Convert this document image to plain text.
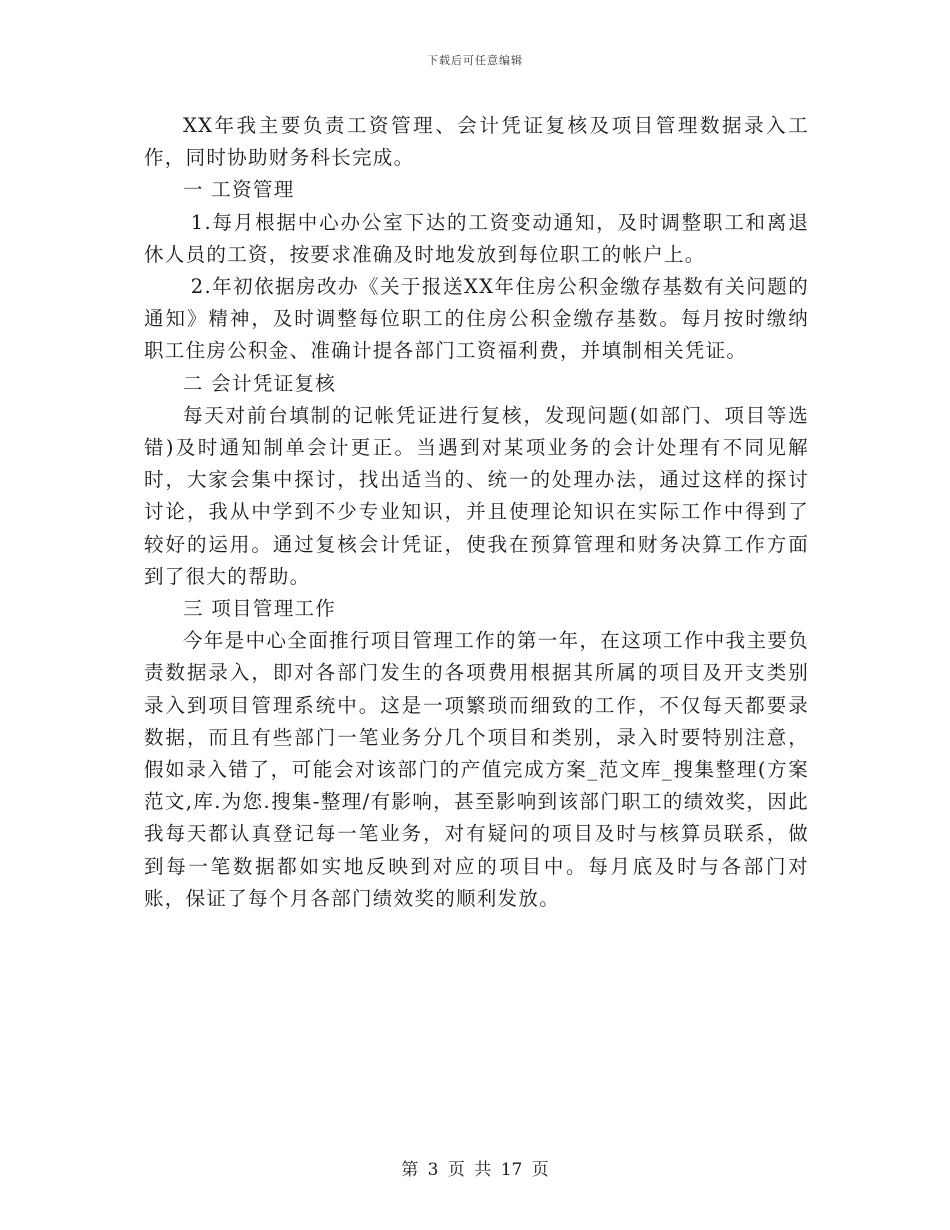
下载后可任意编辑

XX年我主要负责工资管理、会计凭证复核及项目管理数据录入工作，同时协助财务科长完成。

一 工资管理

1.每月根据中心办公室下达的工资变动通知，及时调整职工和离退休人员的工资，按要求准确及时地发放到每位职工的帐户上。

2.年初依据房改办《关于报送XX年住房公积金缴存基数有关问题的通知》精神，及时调整每位职工的住房公积金缴存基数。每月按时缴纳职工住房公积金、准确计提各部门工资福利费，并填制相关凭证。

二 会计凭证复核

每天对前台填制的记帐凭证进行复核，发现问题(如部门、项目等选错)及时通知制单会计更正。当遇到对某项业务的会计处理有不同见解时，大家会集中探讨，找出适当的、统一的处理办法，通过这样的探讨讨论，我从中学到不少专业知识，并且使理论知识在实际工作中得到了较好的运用。通过复核会计凭证，使我在预算管理和财务决算工作方面到了很大的帮助。

三 项目管理工作

今年是中心全面推行项目管理工作的第一年，在这项工作中我主要负责数据录入，即对各部门发生的各项费用根据其所属的项目及开支类别录入到项目管理系统中。这是一项繁琐而细致的工作，不仅每天都要录数据，而且有些部门一笔业务分几个项目和类别，录入时要特别注意，假如录入错了，可能会对该部门的产值完成方案_范文库_搜集整理(方案范文,库.为您.搜集-整理/有影响，甚至影响到该部门职工的绩效奖，因此我每天都认真登记每一笔业务，对有疑问的项目及时与核算员联系，做到每一笔数据都如实地反映到对应的项目中。每月底及时与各部门对账，保证了每个月各部门绩效奖的顺利发放。

第 3 页 共 17 页
